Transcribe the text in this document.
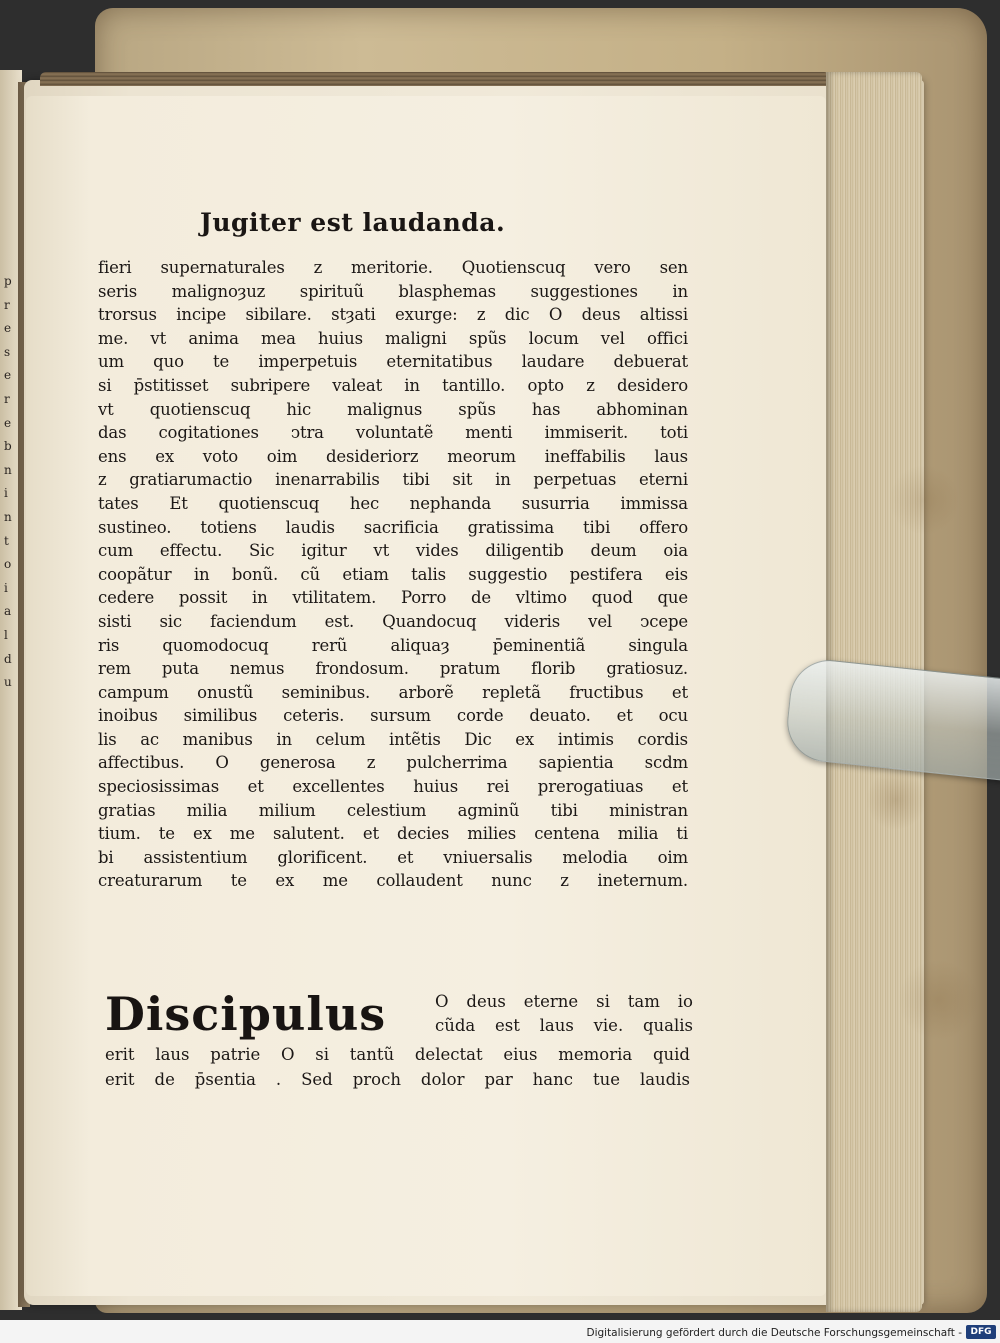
p
r
e
s
e
r
e
b
n
i
n
t
o
i
a
l
d
u
Jugiter est laudanda.
fieri supernaturales z meritorie. Quotienscuq vero sen
seris malignoȝuz spirituũ blasphemas suggestiones in
trorsus incipe sibilare. stȝati exurge: z dic O deus altissi
me. vt anima mea huius maligni spũs locum vel offici
um quo te imperpetuis eternitatibus laudare debuerat
si p̄stitisset subripere valeat in tantillo. opto z desidero
vt quotienscuq hic malignus spũs has abhominan
das cogitationes ↄtra voluntatẽ menti immiserit. toti
ens ex voto oim desideriorz meorum ineffabilis laus
z gratiarumactio inenarrabilis tibi sit in perpetuas eterni
tates Et quotienscuq hec nephanda susurria immissa
sustineo. totiens laudis sacrificia gratissima tibi offero
cum effectu. Sic igitur vt vides diligentib deum oia
coopãtur in bonũ. cũ etiam talis suggestio pestifera eis
cedere possit in vtilitatem. Porro de vltimo quod que
sisti sic faciendum est. Quandocuq videris vel ↄcepe
ris quomodocuq rerũ aliquaȝ p̄eminentiã singula
rem puta nemus frondosum. pratum florib gratiosuz.
campum onustũ seminibus. arborẽ repletã fructibus et
inoibus similibus ceteris. sursum corde deuato. et ocu
lis ac manibus in celum intẽtis Dic ex intimis cordis
affectibus. O generosa z pulcherrima sapientia scdm
speciosissimas et excellentes huius rei prerogatiuas et
gratias milia milium celestium agminũ tibi ministran
tium. te ex me salutent. et decies milies centena milia ti
bi assistentium glorificent. et vniuersalis melodia oim
creaturarum te ex me collaudent nunc z ineternum.
Discipulus	O deus eterne si tam io
cũda est laus vie. qualis
erit laus patrie O si tantũ delectat eius memoria quid
erit de p̄sentia . Sed proch dolor par hanc tue laudis
Digitalisierung gefördert durch die Deutsche Forschungsgemeinschaft - DFG
